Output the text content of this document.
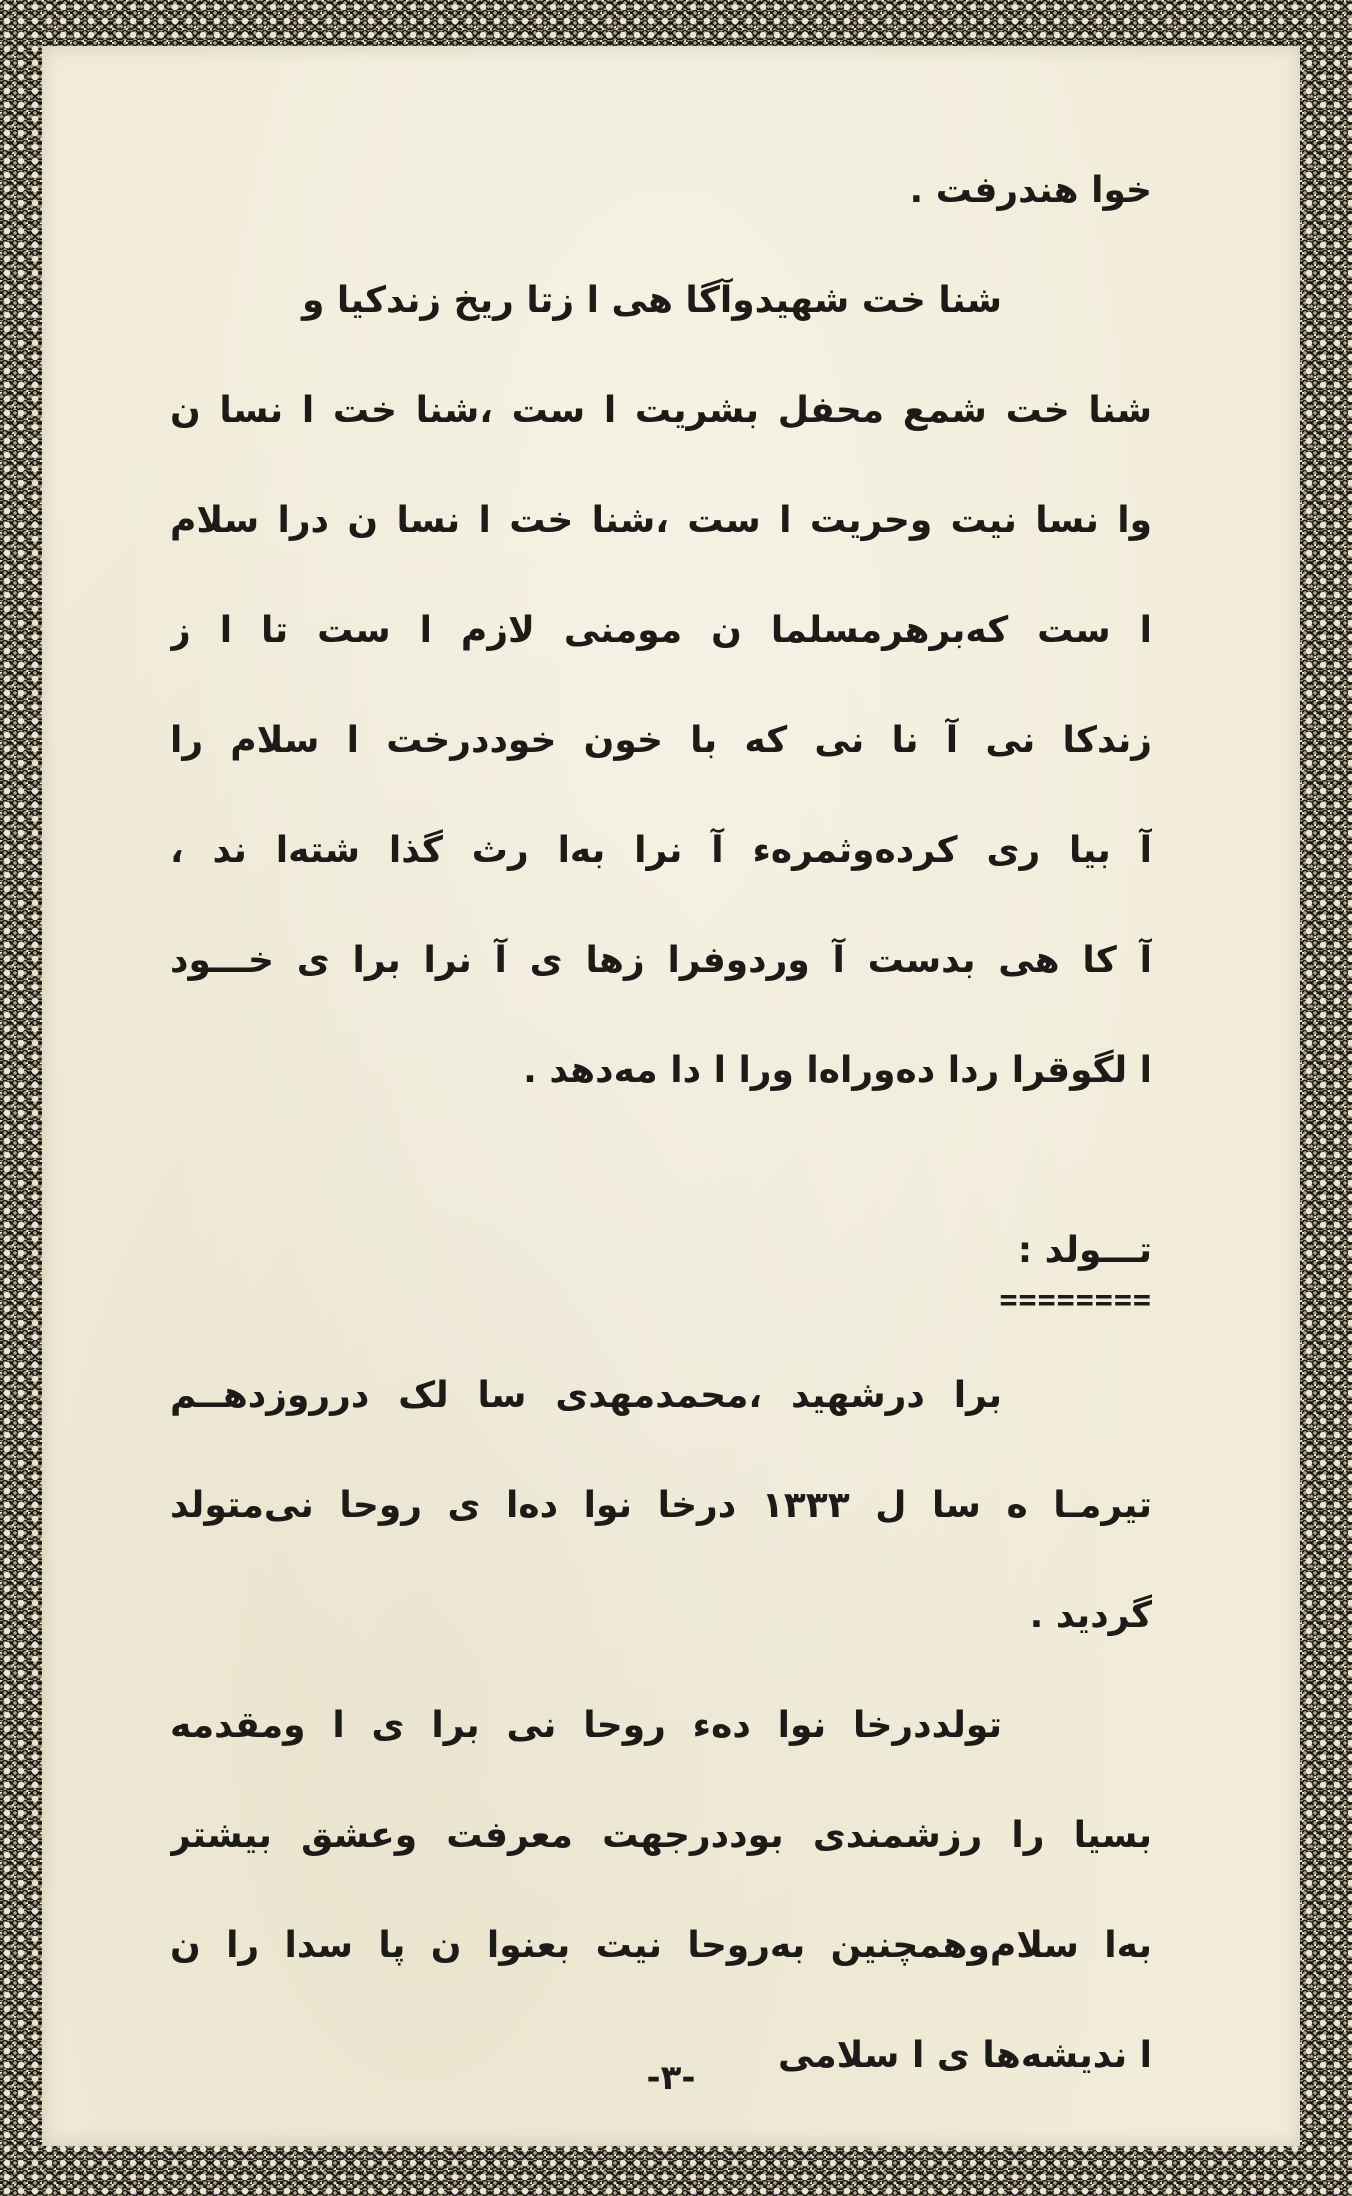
خوا هندرفت .
شنا خت شهیدوآگا هی ا زتا ریخ زندکیا و
شنا خت شمع محفل بشریت ا ست ،شنا خت ا نسا ن
وا نسا نیت وحریت ا ست ،شنا خت ا نسا ن درا سلام
ا ست که‌برهرمسلما ن مومنی لازم ا ست تا ا ز
زندکا نی آ نا نی که با خون خوددرخت ا سلام را
آ بیا ری کرده‌وثمره‌ء آ نرا به‌ا رث گذا شته‌ا ند ،
آ کا هی بدست آ وردوفرا زها ی آ نرا برا ی خـــود
ا لگوقرا ردا ده‌وراه‌ا ورا ا دا مه‌دهد .
تـــولد :
========
برا درشهید ،محمدمهدی سا لک درروزدهــم
تیرمـا ه سا ل ۱۳۳۳ درخا نوا ده‌ا ی روحا نی‌متولد
گردید .
تولددرخا نوا ده‌ء روحا نی برا ی ا ومقدمه
بسیا را رزشمندی بوددرجهت معرفت وعشق بیشتر
به‌ا سلام‌وهمچنین به‌روحا نیت بعنوا ن پا سدا را ن
ا ندیشه‌ها ی ا سلامی
-٣-
